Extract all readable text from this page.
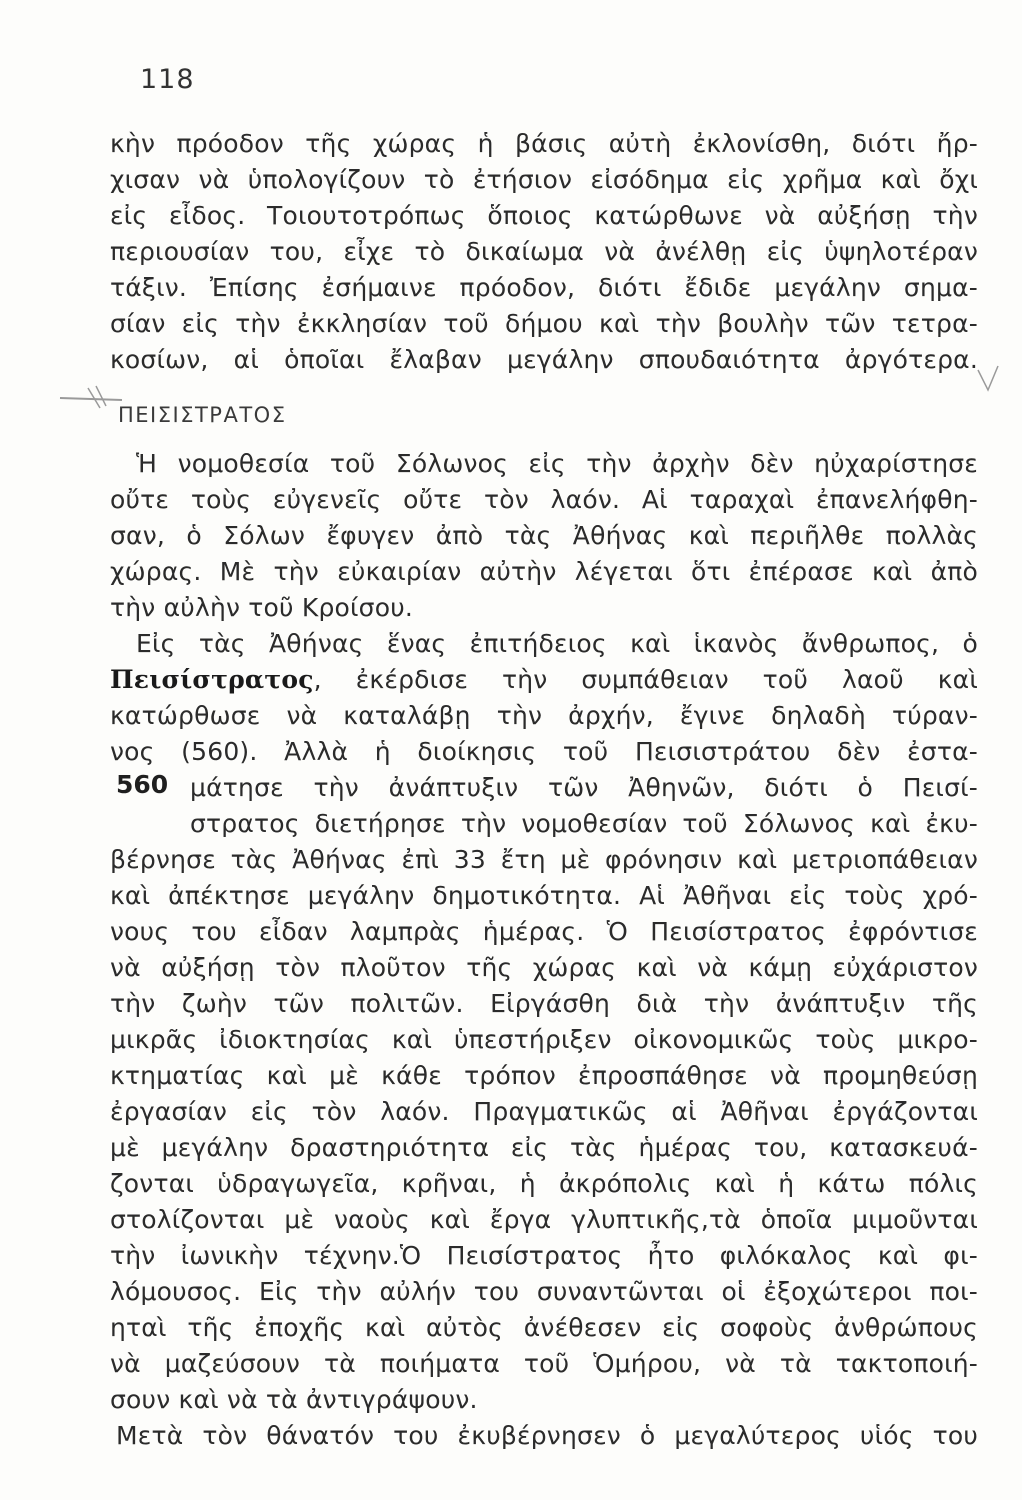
118
κὴν πρόοδον τῆς χώρας ἡ βάσις αὐτὴ ἐκλονίσθη, διότι ἤρ-
χισαν νὰ ὑπολογίζουν τὸ ἐτήσιον εἰσόδημα εἰς χρῆμα καὶ ὄχι
εἰς εἶδος. Τοιουτοτρόπως ὅποιος κατώρθωνε νὰ αὐξήσῃ τὴν
περιουσίαν του, εἶχε τὸ δικαίωμα νὰ ἀνέλθῃ εἰς ὑψηλοτέραν
τάξιν. Ἐπίσης ἐσήμαινε πρόοδον, διότι ἔδιδε μεγάλην σημα-
σίαν εἰς τὴν ἐκκλησίαν τοῦ δήμου καὶ τὴν βουλὴν τῶν τετρα-
κοσίων, αἱ ὁποῖαι ἔλαβαν μεγάλην σπουδαιότητα ἀργότερα.
ΠΕΙΣΙΣΤΡΑΤΟΣ
Ἡ νομοθεσία τοῦ Σόλωνος εἰς τὴν ἀρχὴν δὲν ηὐχαρίστησε
οὔτε τοὺς εὐγενεῖς οὔτε τὸν λαόν. Αἱ ταραχαὶ ἐπανελήφθη-
σαν, ὁ Σόλων ἔφυγεν ἀπὸ τὰς Ἀθήνας καὶ περιῆλθε πολλὰς
χώρας. Μὲ τὴν εὐκαιρίαν αὐτὴν λέγεται ὅτι ἐπέρασε καὶ ἀπὸ
τὴν αὐλὴν τοῦ Κροίσου.
Εἰς τὰς Ἀθήνας ἕνας ἐπιτήδειος καὶ ἱκανὸς ἄνθρωπος, ὁ
Πεισίστρατος, ἐκέρδισε τὴν συμπάθειαν τοῦ λαοῦ καὶ
κατώρθωσε νὰ καταλάβῃ τὴν ἀρχήν, ἔγινε δηλαδὴ τύραν-
νος (560). Ἀλλὰ ἡ διοίκησις τοῦ Πεισιστράτου δὲν ἐστα-
560 μάτησε τὴν ἀνάπτυξιν τῶν Ἀθηνῶν, διότι ὁ Πεισί-
στρατος διετήρησε τὴν νομοθεσίαν τοῦ Σόλωνος καὶ ἐκυ-
βέρνησε τὰς Ἀθήνας ἐπὶ 33 ἔτη μὲ φρόνησιν καὶ μετριοπάθειαν
καὶ ἀπέκτησε μεγάλην δημοτικότητα. Αἱ Ἀθῆναι εἰς τοὺς χρό-
νους του εἶδαν λαμπρὰς ἡμέρας. Ὁ Πεισίστρατος ἐφρόντισε
νὰ αὐξήσῃ τὸν πλοῦτον τῆς χώρας καὶ νὰ κάμῃ εὐχάριστον
τὴν ζωὴν τῶν πολιτῶν. Εἰργάσθη διὰ τὴν ἀνάπτυξιν τῆς
μικρᾶς ἰδιοκτησίας καὶ ὑπεστήριξεν οἰκονομικῶς τοὺς μικρο-
κτηματίας καὶ μὲ κάθε τρόπον ἐπροσπάθησε νὰ προμηθεύσῃ
ἐργασίαν εἰς τὸν λαόν. Πραγματικῶς αἱ Ἀθῆναι ἐργάζονται
μὲ μεγάλην δραστηριότητα εἰς τὰς ἡμέρας του, κατασκευά-
ζονται ὑδραγωγεῖα, κρῆναι, ἡ ἀκρόπολις καὶ ἡ κάτω πόλις
στολίζονται μὲ ναοὺς καὶ ἔργα γλυπτικῆς,τὰ ὁποῖα μιμοῦνται
τὴν ἰωνικὴν τέχνην.Ὁ Πεισίστρατος ἦτο φιλόκαλος καὶ φι-
λόμουσος. Εἰς τὴν αὐλήν του συναντῶνται οἱ ἐξοχώτεροι ποι-
ηταὶ τῆς ἐποχῆς καὶ αὐτὸς ἀνέθεσεν εἰς σοφοὺς ἀνθρώπους
νὰ μαζεύσουν τὰ ποιήματα τοῦ Ὁμήρου, νὰ τὰ τακτοποιή-
σουν καὶ νὰ τὰ ἀντιγράψουν.
Μετὰ τὸν θάνατόν του ἐκυβέρνησεν ὁ μεγαλύτερος υἱός του
